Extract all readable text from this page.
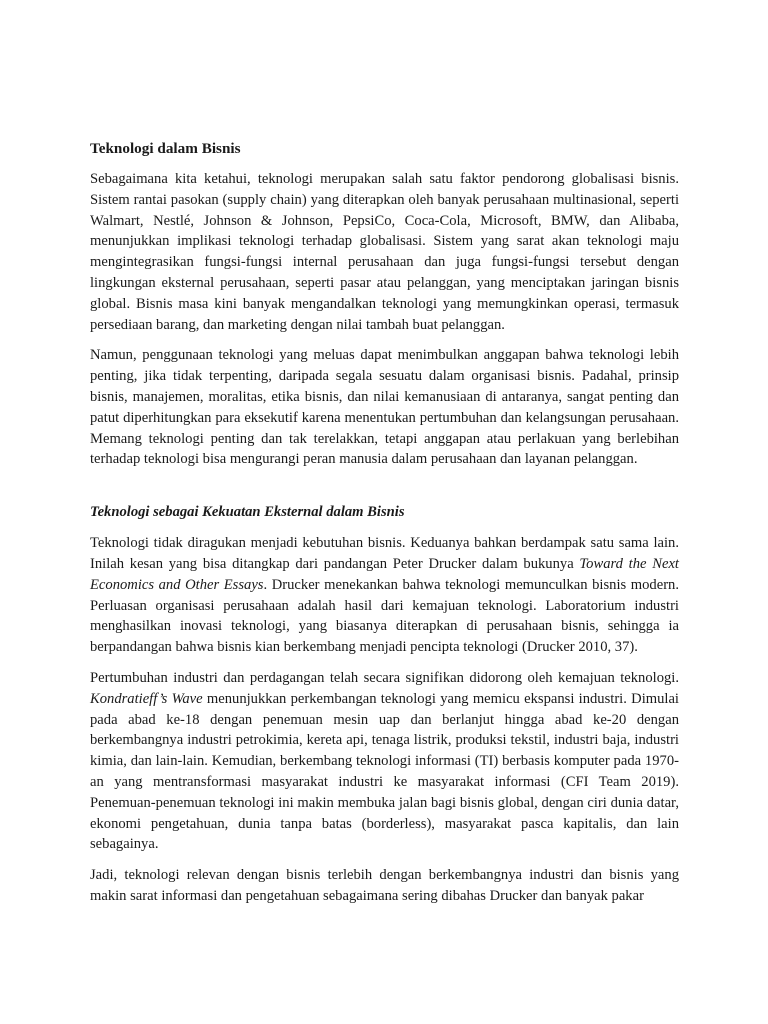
Teknologi dalam Bisnis

Sebagaimana kita ketahui, teknologi merupakan salah satu faktor pendorong globalisasi bisnis. Sistem rantai pasokan (supply chain) yang diterapkan oleh banyak perusahaan multinasional, seperti Walmart, Nestlé, Johnson & Johnson, PepsiCo, Coca-Cola, Microsoft, BMW, dan Alibaba, menunjukkan implikasi teknologi terhadap globalisasi. Sistem yang sarat akan teknologi maju mengintegrasikan fungsi-fungsi internal perusahaan dan juga fungsi-fungsi tersebut dengan lingkungan eksternal perusahaan, seperti pasar atau pelanggan, yang menciptakan jaringan bisnis global. Bisnis masa kini banyak mengandalkan teknologi yang memungkinkan operasi, termasuk persediaan barang, dan marketing dengan nilai tambah buat pelanggan.

Namun, penggunaan teknologi yang meluas dapat menimbulkan anggapan bahwa teknologi lebih penting, jika tidak terpenting, daripada segala sesuatu dalam organisasi bisnis. Padahal, prinsip bisnis, manajemen, moralitas, etika bisnis, dan nilai kemanusiaan di antaranya, sangat penting dan patut diperhitungkan para eksekutif karena menentukan pertumbuhan dan kelangsungan perusahaan. Memang teknologi penting dan tak terelakkan, tetapi anggapan atau perlakuan yang berlebihan terhadap teknologi bisa mengurangi peran manusia dalam perusahaan dan layanan pelanggan.

Teknologi sebagai Kekuatan Eksternal dalam Bisnis

Teknologi tidak diragukan menjadi kebutuhan bisnis. Keduanya bahkan berdampak satu sama lain. Inilah kesan yang bisa ditangkap dari pandangan Peter Drucker dalam bukunya Toward the Next Economics and Other Essays. Drucker menekankan bahwa teknologi memunculkan bisnis modern. Perluasan organisasi perusahaan adalah hasil dari kemajuan teknologi. Laboratorium industri menghasilkan inovasi teknologi, yang biasanya diterapkan di perusahaan bisnis, sehingga ia berpandangan bahwa bisnis kian berkembang menjadi pencipta teknologi (Drucker 2010, 37).

Pertumbuhan industri dan perdagangan telah secara signifikan didorong oleh kemajuan teknologi. Kondratieff’s Wave menunjukkan perkembangan teknologi yang memicu ekspansi industri. Dimulai pada abad ke-18 dengan penemuan mesin uap dan berlanjut hingga abad ke-20 dengan berkembangnya industri petrokimia, kereta api, tenaga listrik, produksi tekstil, industri baja, industri kimia, dan lain-lain. Kemudian, berkembang teknologi informasi (TI) berbasis komputer pada 1970-an yang mentransformasi masyarakat industri ke masyarakat informasi (CFI Team 2019). Penemuan-penemuan teknologi ini makin membuka jalan bagi bisnis global, dengan ciri dunia datar, ekonomi pengetahuan, dunia tanpa batas (borderless), masyarakat pasca kapitalis, dan lain sebagainya.

Jadi, teknologi relevan dengan bisnis terlebih dengan berkembangnya industri dan bisnis yang makin sarat informasi dan pengetahuan sebagaimana sering dibahas Drucker dan banyak pakar
